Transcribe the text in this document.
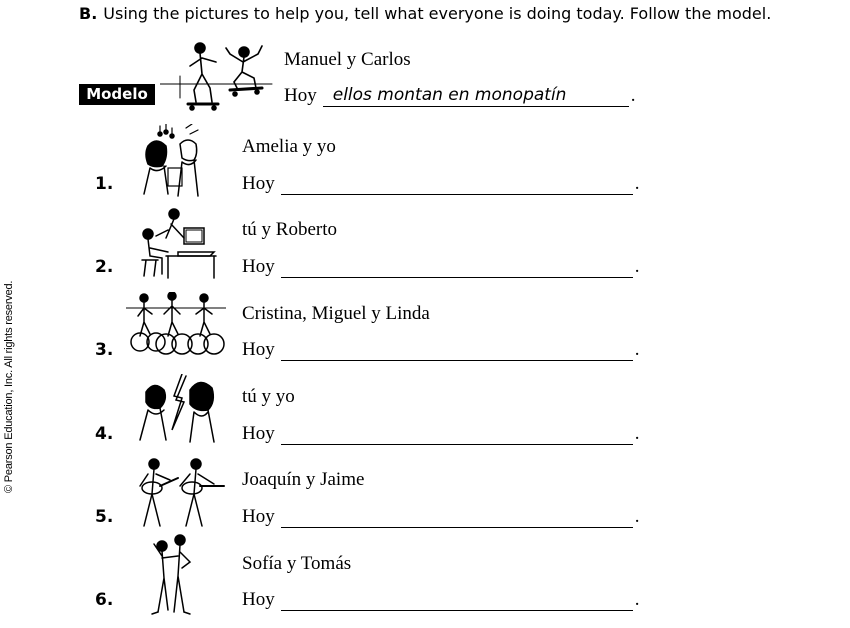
B. Using the pictures to help you, tell what everyone is doing today. Follow the model.
© Pearson Education, Inc. All rights reserved.
Modelo
Manuel y Carlos
Hoy ellos montan en monopatín	.
1.
Amelia y yo
Hoy	.
2.
tú y Roberto
Hoy	.
3.
Cristina, Miguel y Linda
Hoy	.
4.
tú y yo
Hoy	.
5.
Joaquín y Jaime
Hoy	.
6.
Sofía y Tomás
Hoy	.
